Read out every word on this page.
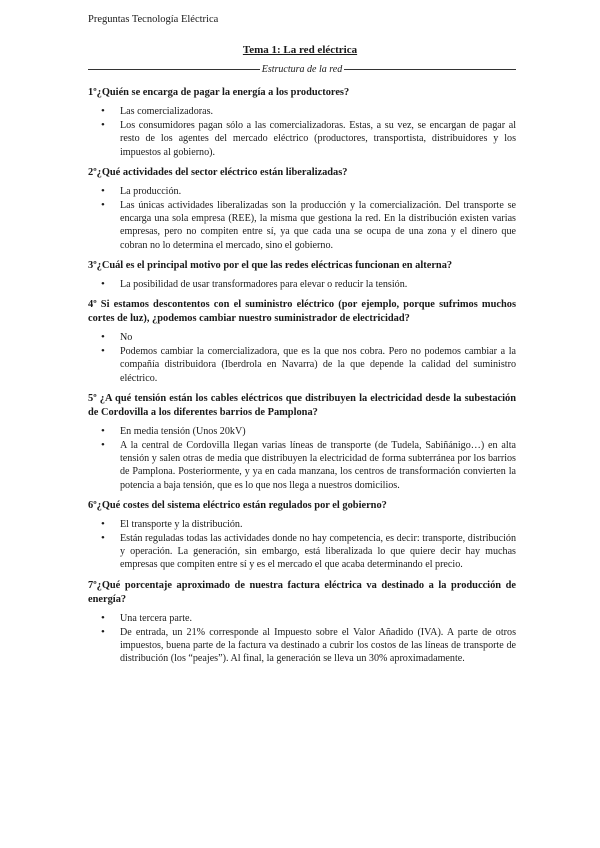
Preguntas Tecnología Eléctrica
Tema 1: La red eléctrica
Estructura de la red

1º¿Quién se encarga de pagar la energía a los productores?

• Las comercializadoras.
• Los consumidores pagan sólo a las comercializadoras. Estas, a su vez, se encargan de pagar al resto de los agentes del mercado eléctrico (productores, transportista, distribuidores y los impuestos al gobierno).

2º¿Qué actividades del sector eléctrico están liberalizadas?

• La producción.
• Las únicas actividades liberalizadas son la producción y la comercialización. Del transporte se encarga una sola empresa (REE), la misma que gestiona la red. En la distribución existen varias empresas, pero no compiten entre sí, ya que cada una se ocupa de una zona y el dinero que cobran no lo determina el mercado, sino el gobierno.

3º¿Cuál es el principal motivo por el que las redes eléctricas funcionan en alterna?

• La posibilidad de usar transformadores para elevar o reducir la tensión.

4º Si estamos descontentos con el suministro eléctrico (por ejemplo, porque sufrimos muchos cortes de luz), ¿podemos cambiar nuestro suministrador de electricidad?

• No
• Podemos cambiar la comercializadora, que es la que nos cobra. Pero no podemos cambiar a la compañía distribuidora (Iberdrola en Navarra) de la que depende la calidad del suministro eléctrico.

5º ¿A qué tensión están los cables eléctricos que distribuyen la electricidad desde la subestación de Cordovilla a los diferentes barrios de Pamplona?

• En media tensión (Unos 20kV)
• A la central de Cordovilla llegan varias líneas de transporte (de Tudela, Sabiñánigo…) en alta tensión y salen otras de media que distribuyen la electricidad de forma subterránea por los barrios de Pamplona. Posteriormente, y ya en cada manzana, los centros de transformación convierten la potencia a baja tensión, que es lo que nos llega a nuestros domicilios.

6º¿Qué costes del sistema eléctrico están regulados por el gobierno?

• El transporte y la distribución.
• Están reguladas todas las actividades donde no hay competencia, es decir: transporte, distribución y operación. La generación, sin embargo, está liberalizada lo que quiere decir hay muchas empresas que compiten entre sí y es el mercado el que acaba determinando el precio.

7º¿Qué porcentaje aproximado de nuestra factura eléctrica va destinado a la producción de energía?

• Una tercera parte.
• De entrada, un 21% corresponde al Impuesto sobre el Valor Añadido (IVA). A parte de otros impuestos, buena parte de la factura va destinado a cubrir los costos de las líneas de transporte de distribución (los “peajes”). Al final, la generación se lleva un 30% aproximadamente.
